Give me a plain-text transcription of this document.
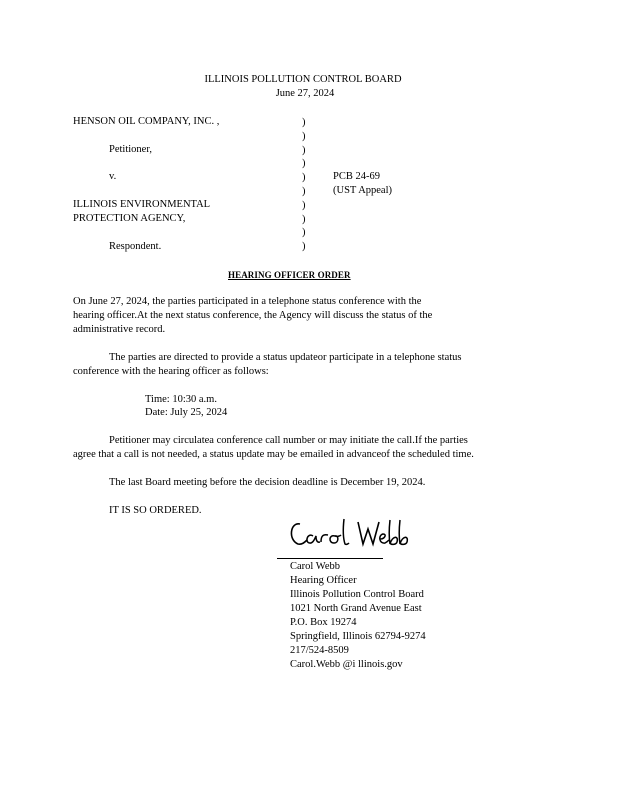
ILLINOIS POLLUTION CONTROL BOARD
June 27, 2024
HENSON OIL COMPANY, INC. ,
Petitioner,
v.
ILLINOIS ENVIRONMENTAL
PROTECTION AGENCY,
Respondent.
)
)
)
)
)
)
)
)
)
)
PCB 24-69
(UST Appeal)
HEARING OFFICER ORDER
On June 27, 2024, the parties participated in a telephone status conference with the
hearing officer.At the next status conference, the Agency will discuss the status of the
administrative record.
The parties are directed to provide a status updateor participate in a telephone status
conference with the hearing officer as follows:
Time: 10:30 a.m.
Date: July 25, 2024
Petitioner may circulatea conference call number or may initiate the call.If the parties
agree that a call is not needed, a status update may be emailed in advanceof the scheduled time.
The last Board meeting before the decision deadline is December 19, 2024.
IT IS SO ORDERED.
Carol Webb
Hearing Officer
Illinois Pollution Control Board
1021 North Grand Avenue East
P.O. Box 19274
Springfield, Illinois 62794-9274
217/524-8509
Carol.Webb @i llinois.gov
